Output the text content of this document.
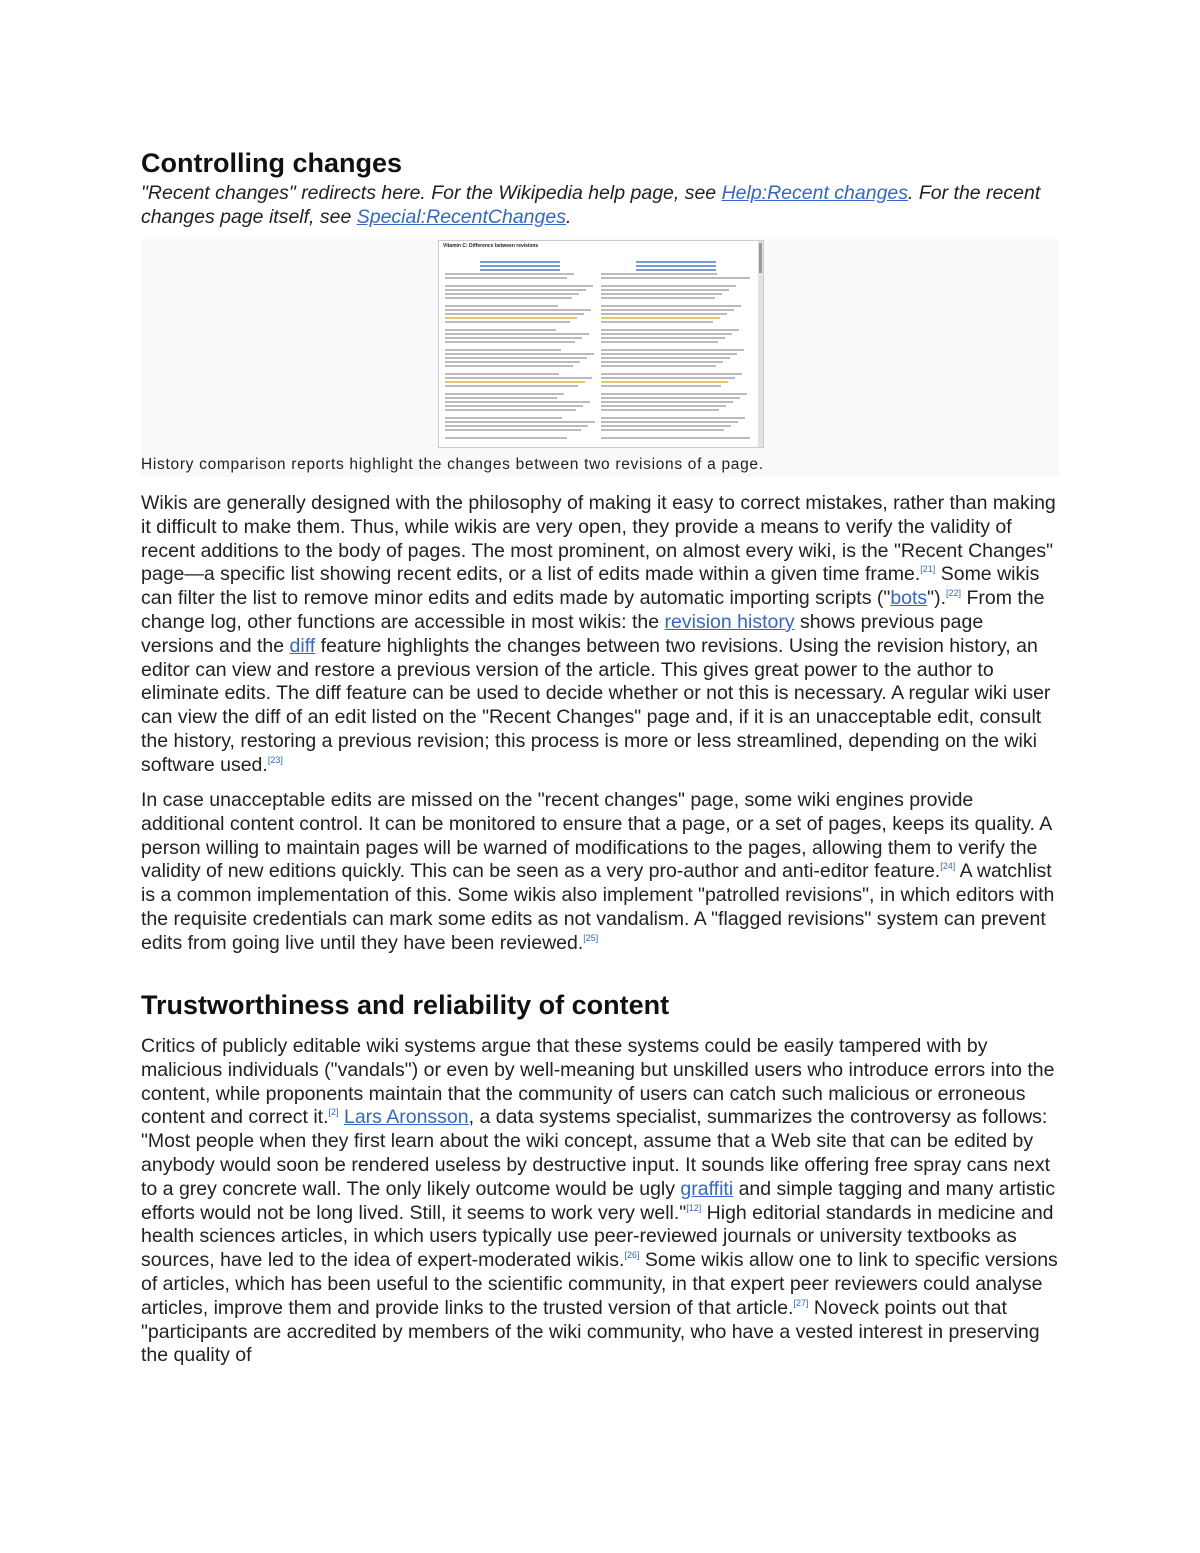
Controlling changes
"Recent changes" redirects here. For the Wikipedia help page, see Help:Recent changes. For the recent changes page itself, see Special:RecentChanges.
Vitamin C: Difference between revisions
History comparison reports highlight the changes between two revisions of a page.
Wikis are generally designed with the philosophy of making it easy to correct mistakes, rather than making it difficult to make them. Thus, while wikis are very open, they provide a means to verify the validity of recent additions to the body of pages. The most prominent, on almost every wiki, is the "Recent Changes" page—a specific list showing recent edits, or a list of edits made within a given time frame.[21] Some wikis can filter the list to remove minor edits and edits made by automatic importing scripts ("bots").[22] From the change log, other functions are accessible in most wikis: the revision history shows previous page versions and the diff feature highlights the changes between two revisions. Using the revision history, an editor can view and restore a previous version of the article. This gives great power to the author to eliminate edits. The diff feature can be used to decide whether or not this is necessary. A regular wiki user can view the diff of an edit listed on the "Recent Changes" page and, if it is an unacceptable edit, consult the history, restoring a previous revision; this process is more or less streamlined, depending on the wiki software used.[23]
In case unacceptable edits are missed on the "recent changes" page, some wiki engines provide additional content control. It can be monitored to ensure that a page, or a set of pages, keeps its quality. A person willing to maintain pages will be warned of modifications to the pages, allowing them to verify the validity of new editions quickly. This can be seen as a very pro-author and anti-editor feature.[24] A watchlist is a common implementation of this. Some wikis also implement "patrolled revisions", in which editors with the requisite credentials can mark some edits as not vandalism. A "flagged revisions" system can prevent edits from going live until they have been reviewed.[25]
Trustworthiness and reliability of content
Critics of publicly editable wiki systems argue that these systems could be easily tampered with by malicious individuals ("vandals") or even by well-meaning but unskilled users who introduce errors into the content, while proponents maintain that the community of users can catch such malicious or erroneous content and correct it.[2] Lars Aronsson, a data systems specialist, summarizes the controversy as follows: "Most people when they first learn about the wiki concept, assume that a Web site that can be edited by anybody would soon be rendered useless by destructive input. It sounds like offering free spray cans next to a grey concrete wall. The only likely outcome would be ugly graffiti and simple tagging and many artistic efforts would not be long lived. Still, it seems to work very well."[12] High editorial standards in medicine and health sciences articles, in which users typically use peer-reviewed journals or university textbooks as sources, have led to the idea of expert-moderated wikis.[26] Some wikis allow one to link to specific versions of articles, which has been useful to the scientific community, in that expert peer reviewers could analyse articles, improve them and provide links to the trusted version of that article.[27] Noveck points out that "participants are accredited by members of the wiki community, who have a vested interest in preserving the quality of
